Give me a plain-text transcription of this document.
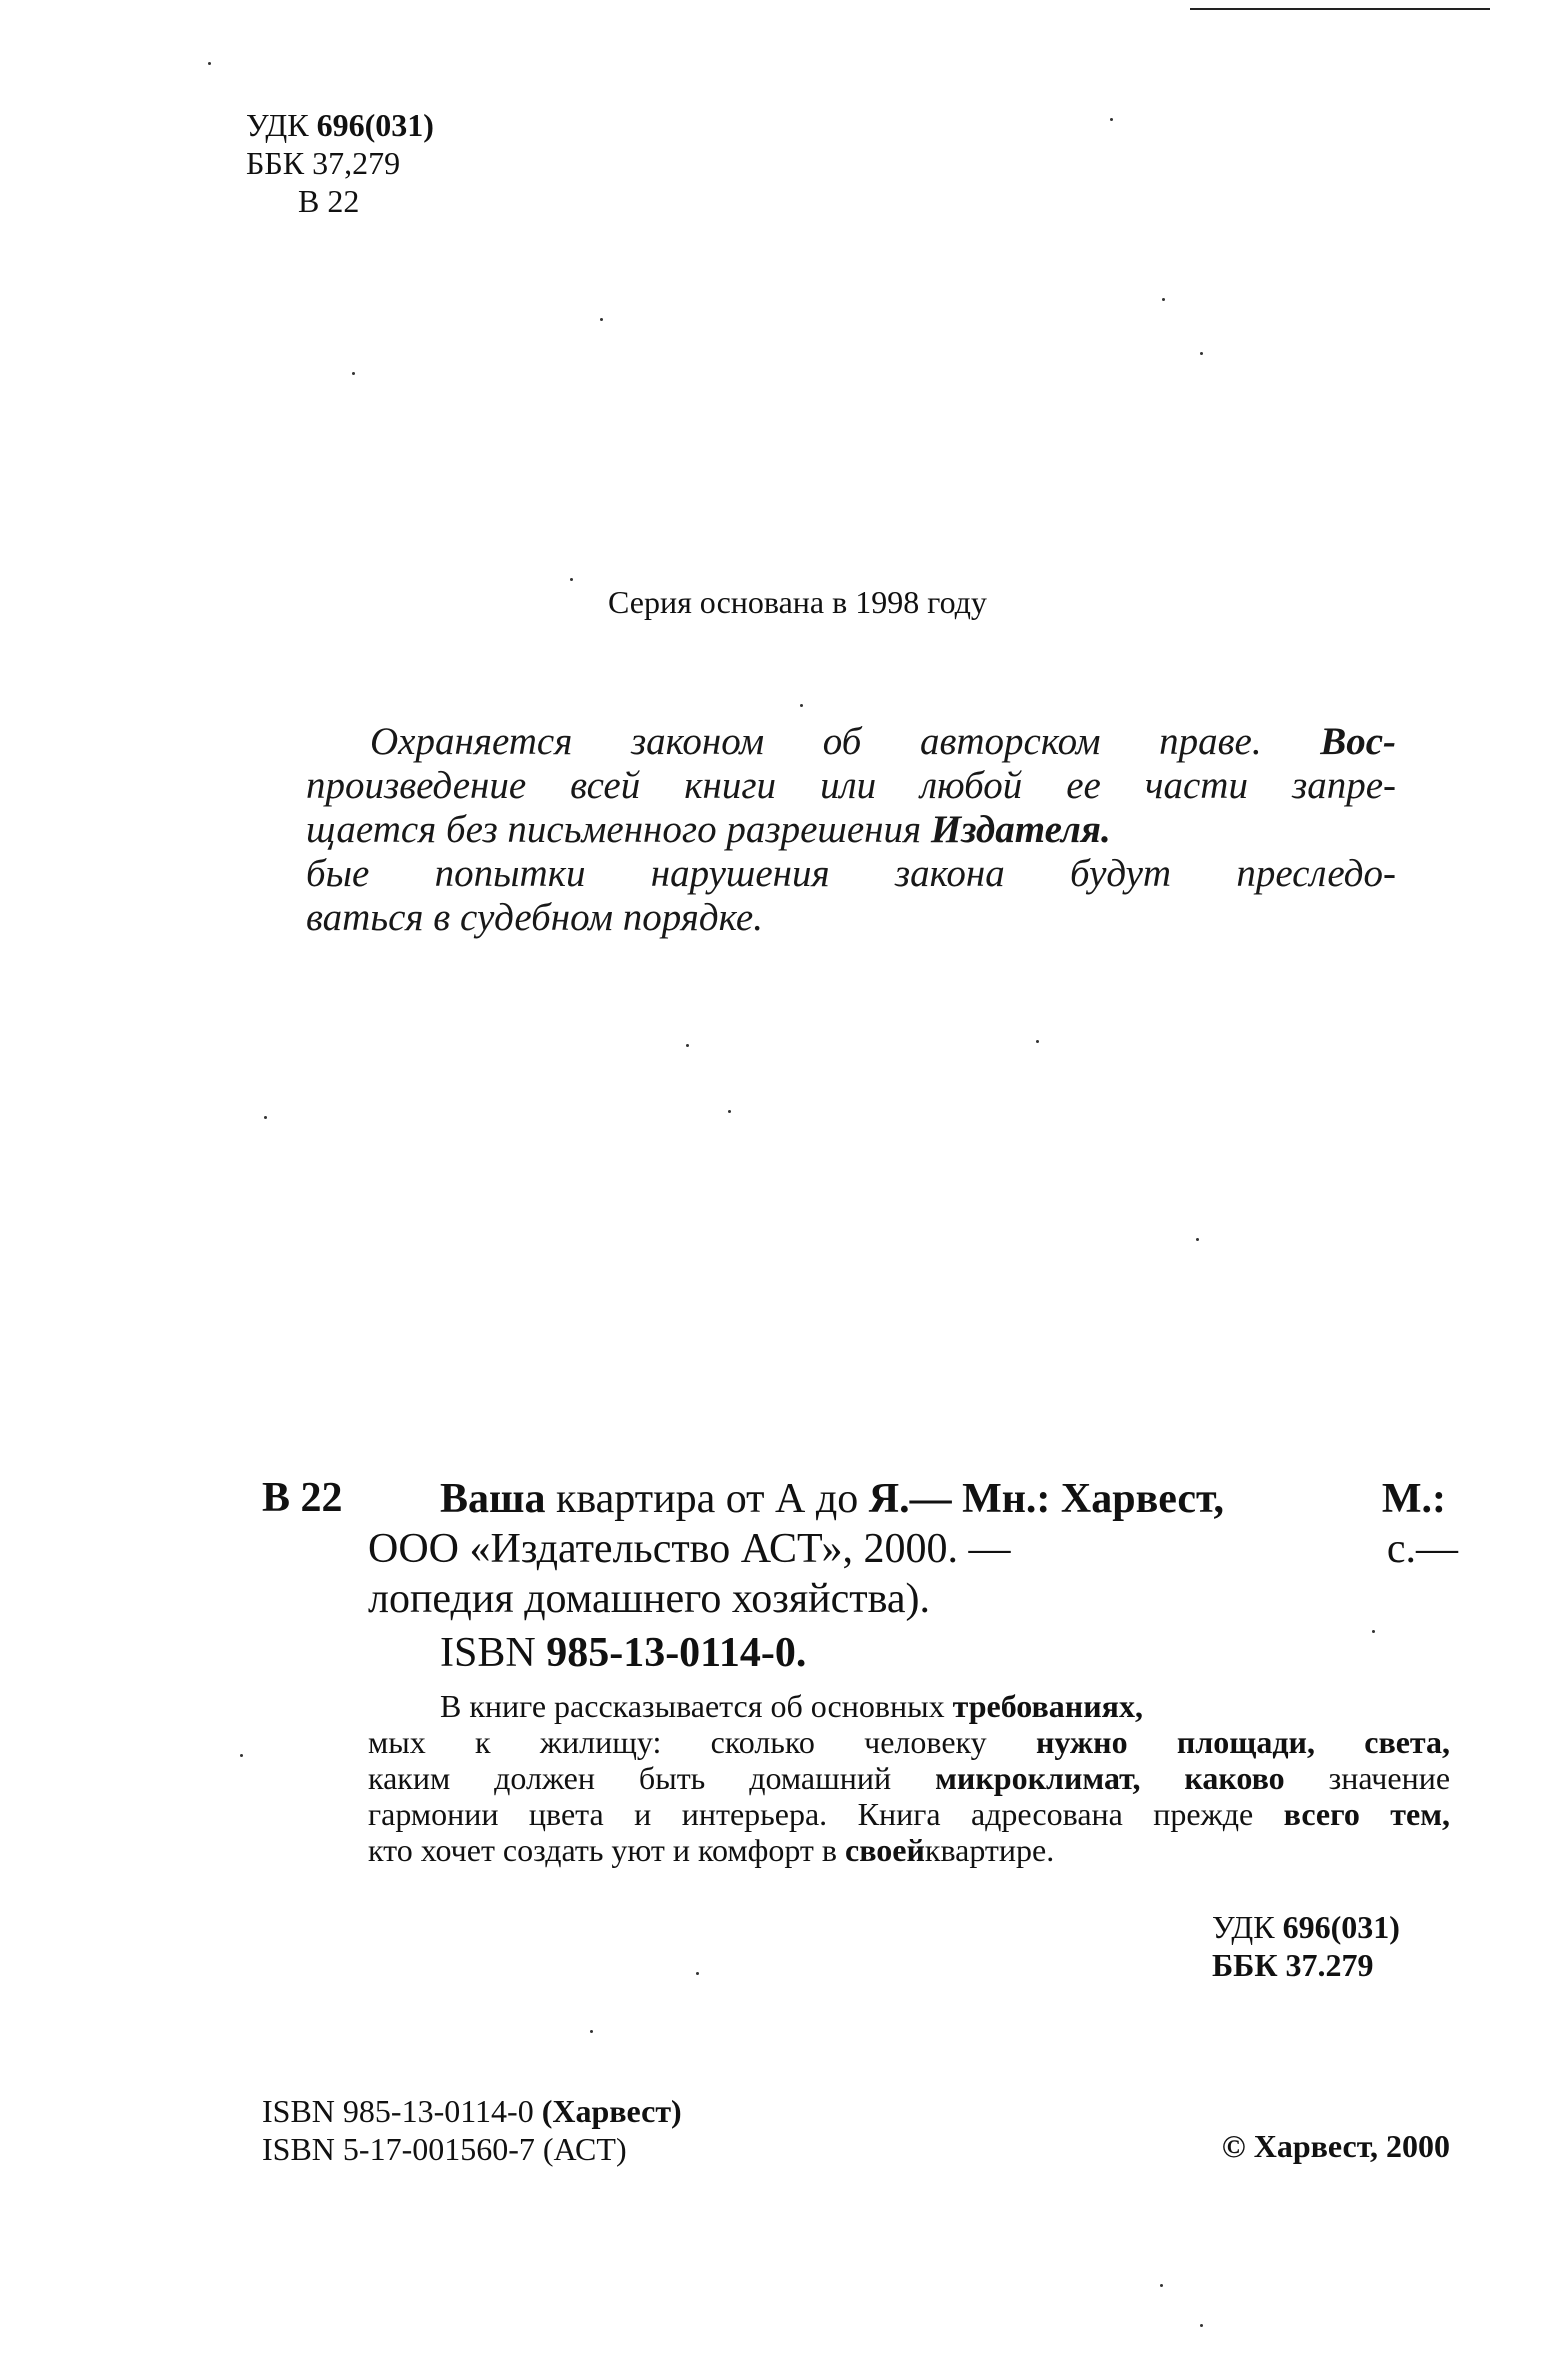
УДК 696(031)
ББК 37,279
В 22
Серия основана в 1998 году
Охраняется законом об авторском праве. Вос-
произведение всей книги или любой ее части запре-
щается без письменного разрешения Издателя.
бые попытки нарушения закона будут преследо-
ваться в судебном порядке.
В 22	Ваша квартира от А до Я.— Мн.: Харвест,	М.:
ООО «Издательство АСТ», 2000. —	с.—
лопедия домашнего хозяйства).
ISBN 985-13-0114-0.
В книге рассказывается об основных требованиях,
мых к жилищу: сколько человеку нужно площади, света,
каким должен быть домашний микроклимат, каково значение
гармонии цвета и интерьера. Книга адресована прежде всего тем,
кто хочет создать уют и комфорт в своейквартире.
УДК 696(031)
ББК 37.279
ISBN 985-13-0114-0 (Харвест)
ISBN 5-17-001560-7 (АСТ)	© Харвест, 2000
